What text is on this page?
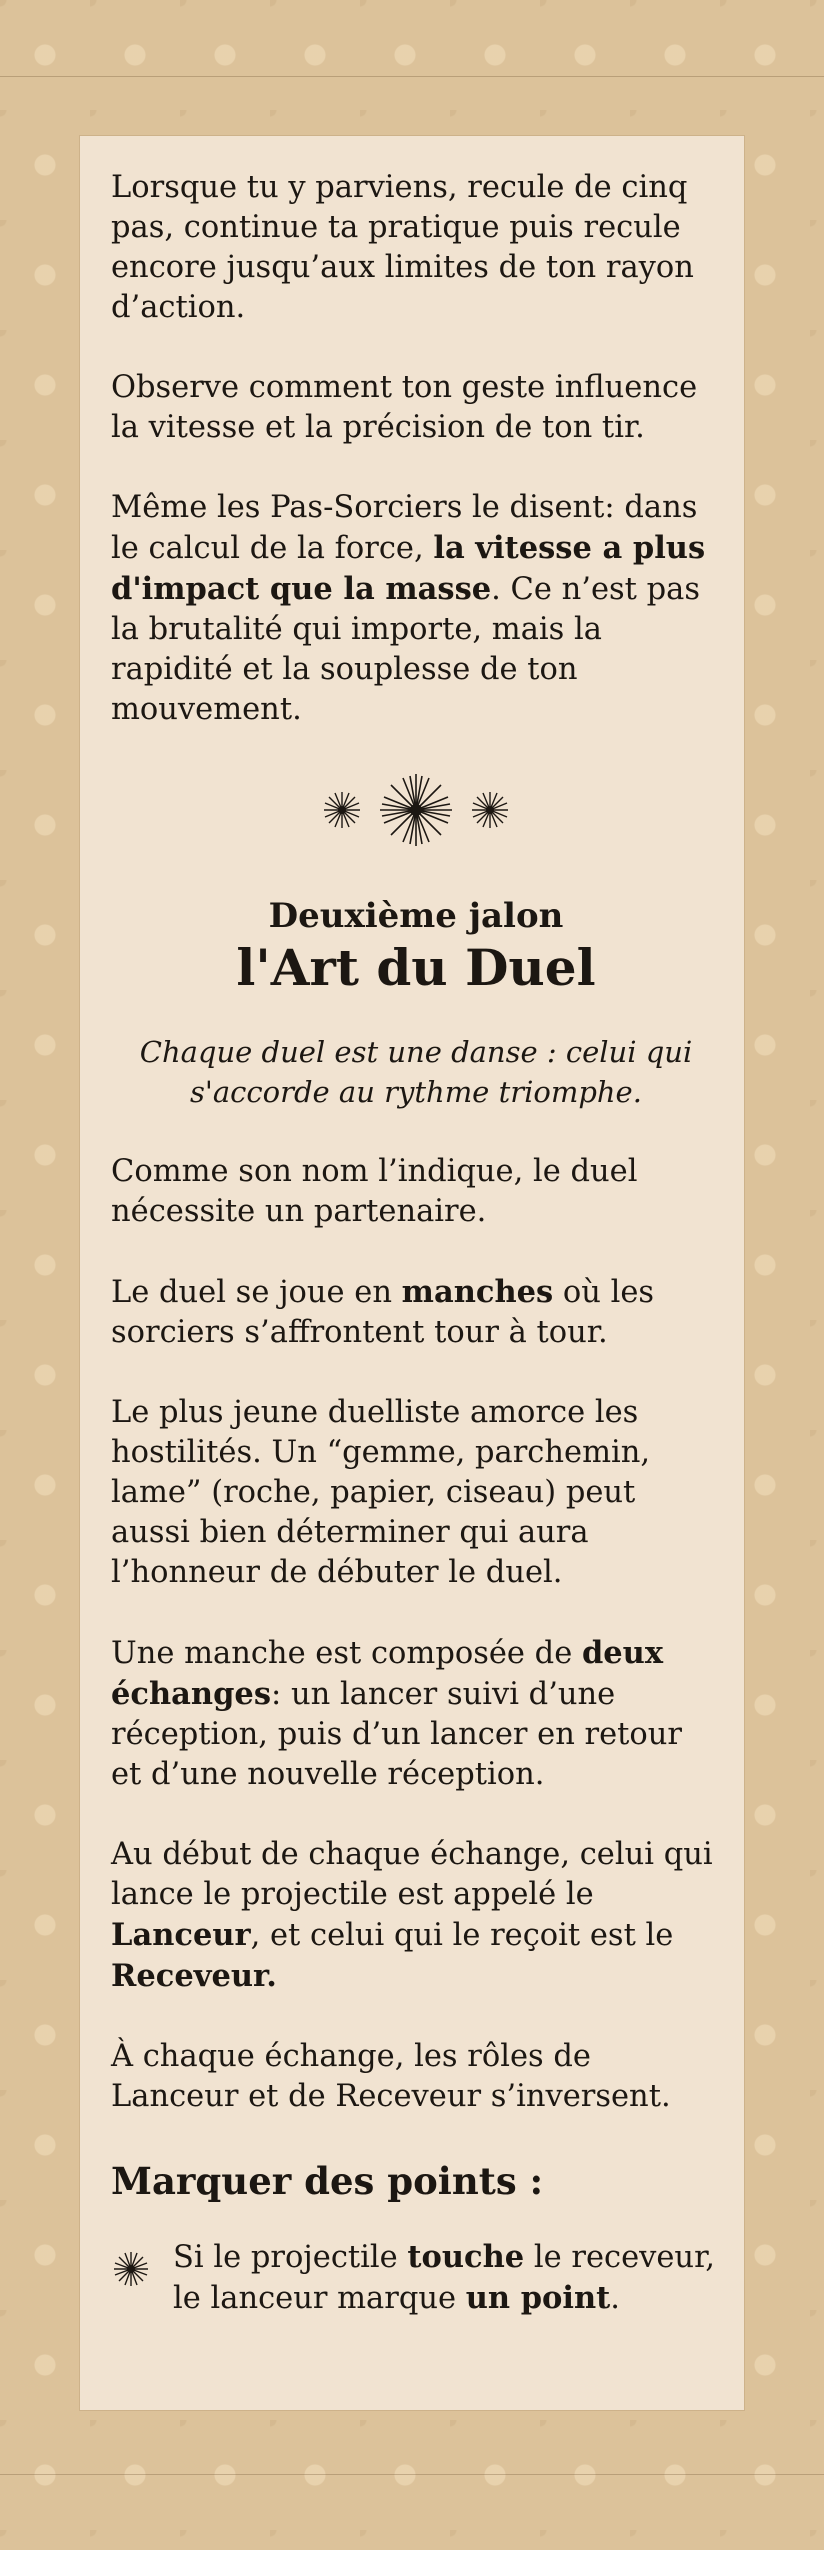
Lorsque tu y parviens, recule de cinq pas, continue ta pratique puis recule encore jusqu’aux limites de ton rayon d’action.

Observe comment ton geste influence la vitesse et la précision de ton tir.

Même les Pas-Sorciers le disent: dans le calcul de la force, la vitesse a plus d'impact que la masse. Ce n’est pas la brutalité qui importe, mais la rapidité et la souplesse de ton mouvement.

Deuxième jalon
l'Art du Duel

Chaque duel est une danse : celui qui s'accorde au rythme triomphe.

Comme son nom l’indique, le duel nécessite un partenaire.

Le duel se joue en manches où les sorciers s’affrontent tour à tour.

Le plus jeune duelliste amorce les hostilités. Un “gemme, parchemin, lame” (roche, papier, ciseau) peut aussi bien déterminer qui aura l’honneur de débuter le duel.

Une manche est composée de deux échanges: un lancer suivi d’une réception, puis d’un lancer en retour et d’une nouvelle réception.

Au début de chaque échange, celui qui lance le projectile est appelé le Lanceur, et celui qui le reçoit est le Receveur.

À chaque échange, les rôles de Lanceur et de Receveur s’inversent.

Marquer des points :
Si le projectile touche le receveur, le lanceur marque un point.
